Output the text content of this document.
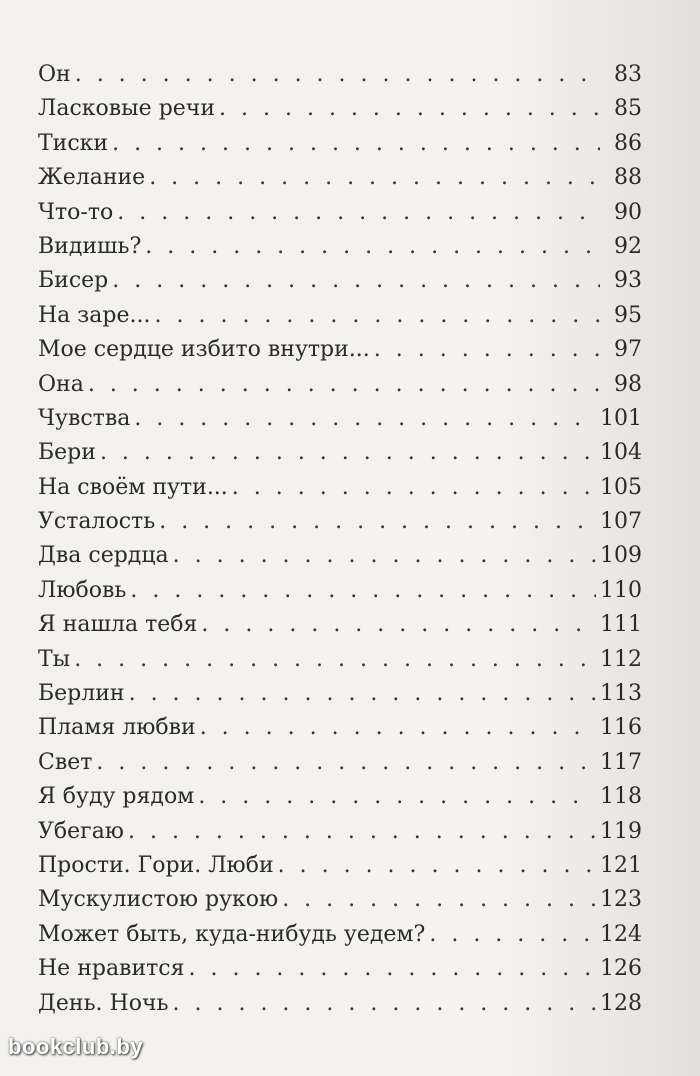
Он . . .	83
Ласковые речи . . .	85
Тиски . . .	86
Желание . . .	88
Что-то . . .	90
Видишь? . . .	92
Бисер . . .	93
На заре... . . .	95
Мое сердце избито внутри... . . .	97
Она . . .	98
Чувства . . .	101
Бери . . .	104
На своём пути... . . .	105
Усталость . . .	107
Два сердца . . .	109
Любовь . . .	110
Я нашла тебя . . .	111
Ты . . .	112
Берлин . . .	113
Пламя любви . . .	116
Свет . . .	117
Я буду рядом . . .	118
Убегаю . . .	119
Прости. Гори. Люби . . .	121
Мускулистою рукою . . .	123
Может быть, куда-нибудь уедем? . . .	124
Не нравится . . .	126
День. Ночь . . .	128
bookclub.by
